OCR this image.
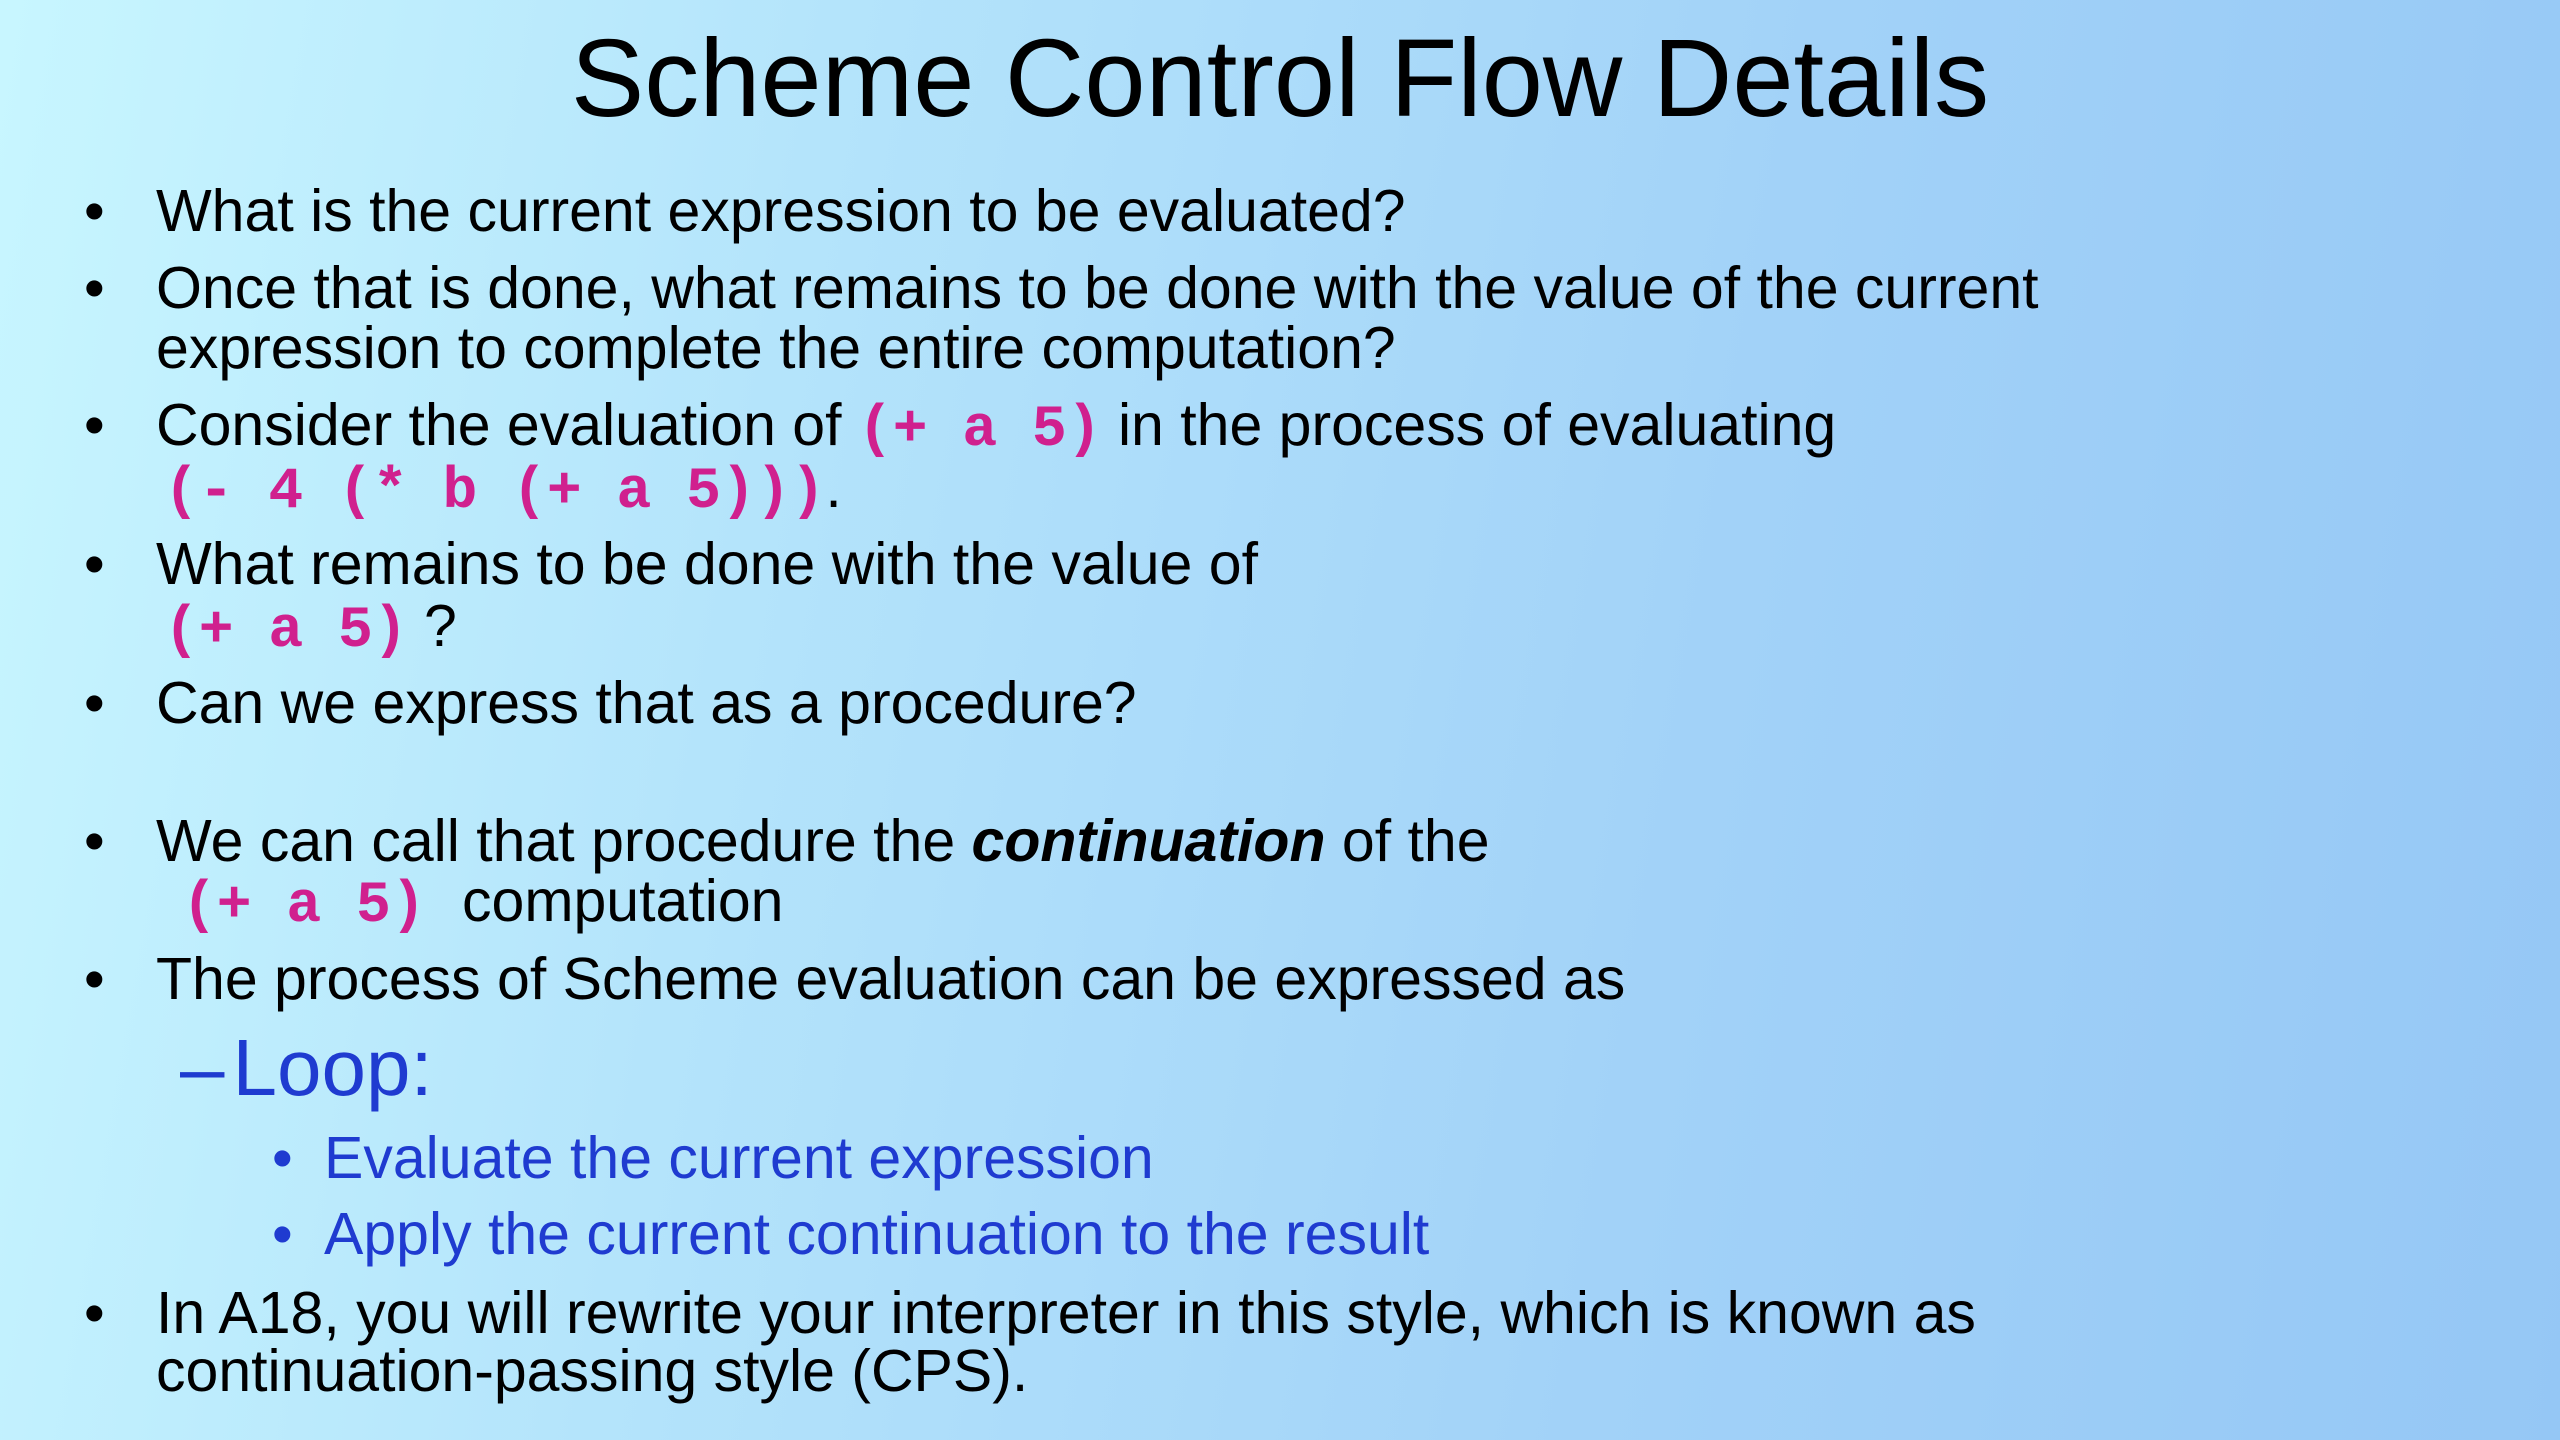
Scheme Control Flow Details
• What is the current expression to be evaluated?
• Once that is done, what remains to be done with the value of the current
expression to complete the entire computation?
• Consider the evaluation of (+ a 5) in the process of evaluating
(- 4 (* b (+ a 5))).
• What remains to be done with the value of
(+ a 5) ?
• Can we express that as a procedure?
• We can call that procedure the continuation of the
(+ a 5) computation
• The process of Scheme evaluation can be expressed as
– Loop:
• Evaluate the current expression
• Apply the current continuation to the result
• In A18, you will rewrite your interpreter in this style, which is known as
continuation-passing style (CPS).
